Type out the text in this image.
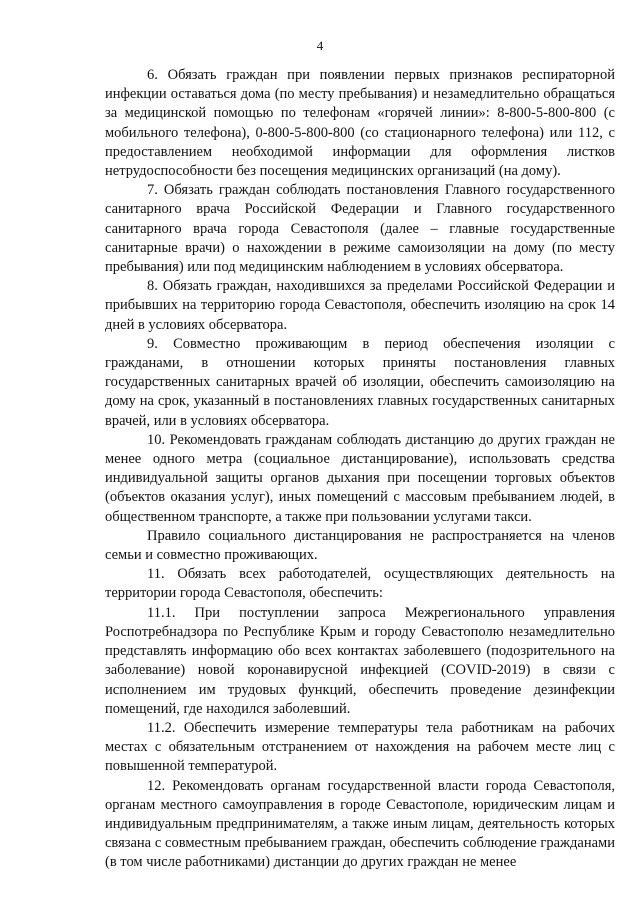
4

6. Обязать граждан при появлении первых признаков респираторной инфекции оставаться дома (по месту пребывания) и незамедлительно обращаться за медицинской помощью по телефонам «горячей линии»: 8-800-5-800-800 (с мобильного телефона), 0-800-5-800-800 (со стационарного телефона) или 112, с предоставлением необходимой информации для оформления листков нетрудоспособности без посещения медицинских организаций (на дому).

7. Обязать граждан соблюдать постановления Главного государственного санитарного врача Российской Федерации и Главного государственного санитарного врача города Севастополя (далее – главные государственные санитарные врачи) о нахождении в режиме самоизоляции на дому (по месту пребывания) или под медицинским наблюдением в условиях обсерватора.

8. Обязать граждан, находившихся за пределами Российской Федерации и прибывших на территорию города Севастополя, обеспечить изоляцию на срок 14 дней в условиях обсерватора.

9. Совместно проживающим в период обеспечения изоляции с гражданами, в отношении которых приняты постановления главных государственных санитарных врачей об изоляции, обеспечить самоизоляцию на дому на срок, указанный в постановлениях главных государственных санитарных врачей, или в условиях обсерватора.

10. Рекомендовать гражданам соблюдать дистанцию до других граждан не менее одного метра (социальное дистанцирование), использовать средства индивидуальной защиты органов дыхания при посещении торговых объектов (объектов оказания услуг), иных помещений с массовым пребыванием людей, в общественном транспорте, а также при пользовании услугами такси.

Правило социального дистанцирования не распространяется на членов семьи и совместно проживающих.

11. Обязать всех работодателей, осуществляющих деятельность на территории города Севастополя, обеспечить:

11.1. При поступлении запроса Межрегионального управления Роспотребнадзора по Республике Крым и городу Севастополю незамедлительно представлять информацию обо всех контактах заболевшего (подозрительного на заболевание) новой коронавирусной инфекцией (COVID-2019) в связи с исполнением им трудовых функций, обеспечить проведение дезинфекции помещений, где находился заболевший.

11.2. Обеспечить измерение температуры тела работникам на рабочих местах с обязательным отстранением от нахождения на рабочем месте лиц с повышенной температурой.

12. Рекомендовать органам государственной власти города Севастополя, органам местного самоуправления в городе Севастополе, юридическим лицам и индивидуальным предпринимателям, а также иным лицам, деятельность которых связана с совместным пребыванием граждан, обеспечить соблюдение гражданами (в том числе работниками) дистанции до других граждан не менее
